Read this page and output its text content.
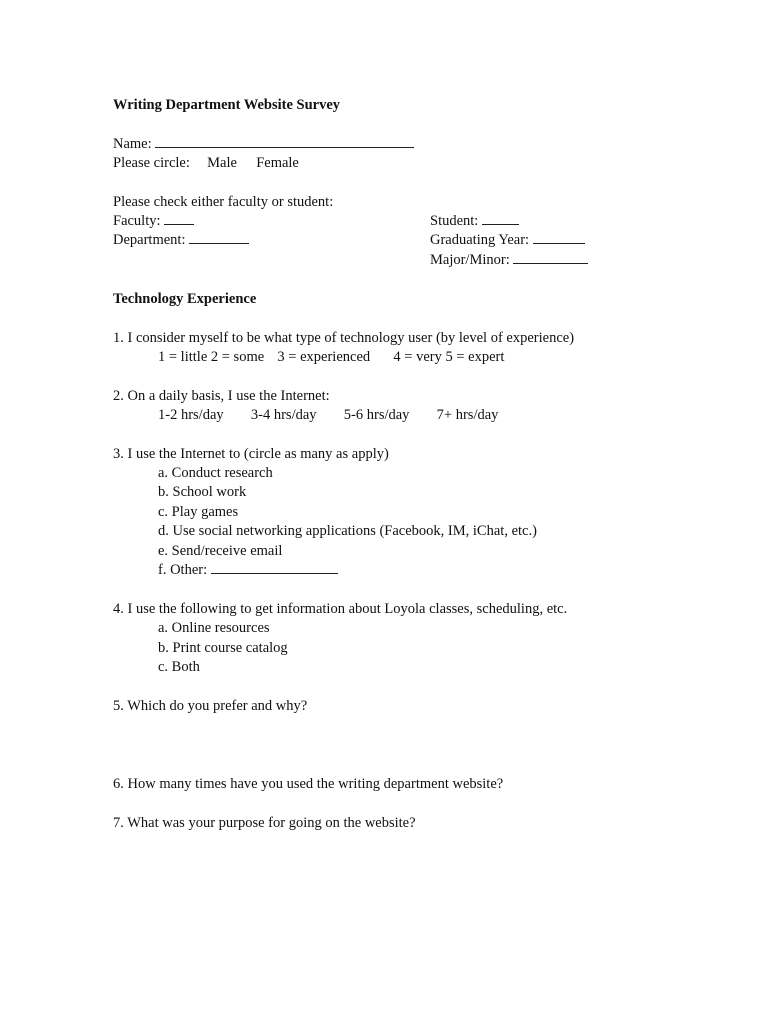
Writing Department Website Survey
Name:
Please circle: Male Female
Please check either faculty or student:
Faculty:
Department:
Student:
Graduating Year:
Major/Minor:
Technology Experience
1. I consider myself to be what type of technology user (by level of experience)
1 = little 2 = some 3 = experienced 4 = very 5 = expert
2. On a daily basis, I use the Internet:
1-2 hrs/day 3-4 hrs/day 5-6 hrs/day 7+ hrs/day
3. I use the Internet to (circle as many as apply)
a. Conduct research
b. School work
c. Play games
d. Use social networking applications (Facebook, IM, iChat, etc.)
e. Send/receive email
f. Other:
4. I use the following to get information about Loyola classes, scheduling, etc.
a. Online resources
b. Print course catalog
c. Both
5. Which do you prefer and why?
6. How many times have you used the writing department website?
7. What was your purpose for going on the website?
